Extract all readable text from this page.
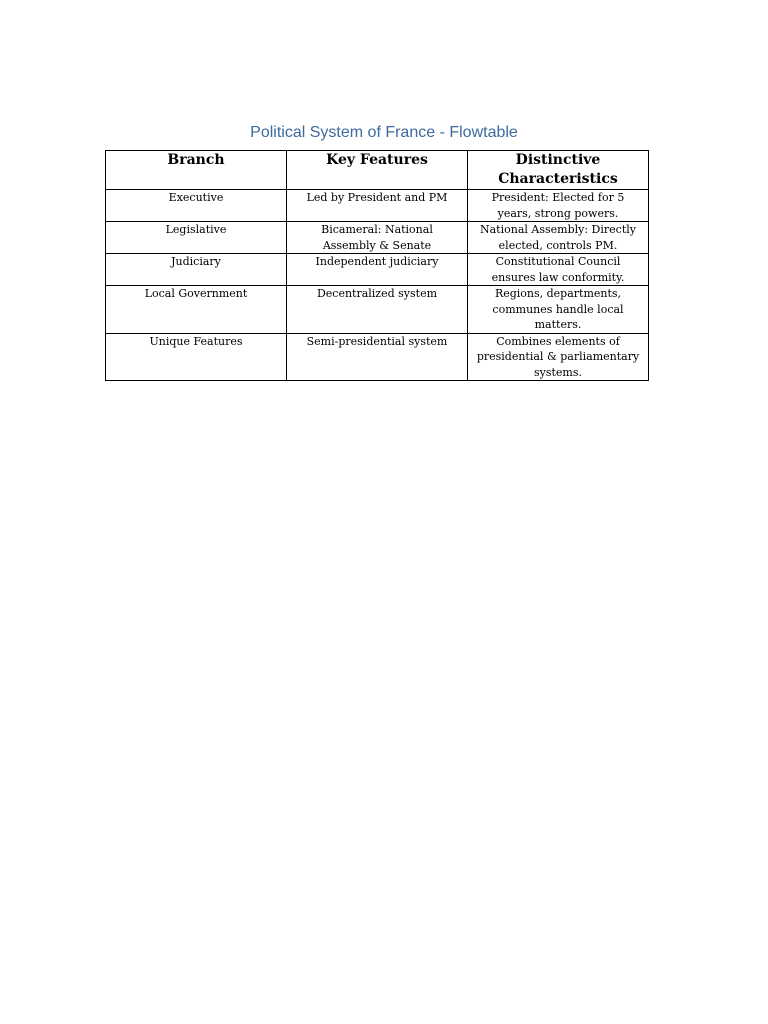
Political System of France - Flowtable
Branch	Key Features	Distinctive Characteristics
Executive	Led by President and PM	President: Elected for 5 years, strong powers.
Legislative	Bicameral: National Assembly & Senate	National Assembly: Directly elected, controls PM.
Judiciary	Independent judiciary	Constitutional Council ensures law conformity.
Local Government	Decentralized system	Regions, departments, communes handle local matters.
Unique Features	Semi-presidential system	Combines elements of presidential & parliamentary systems.
